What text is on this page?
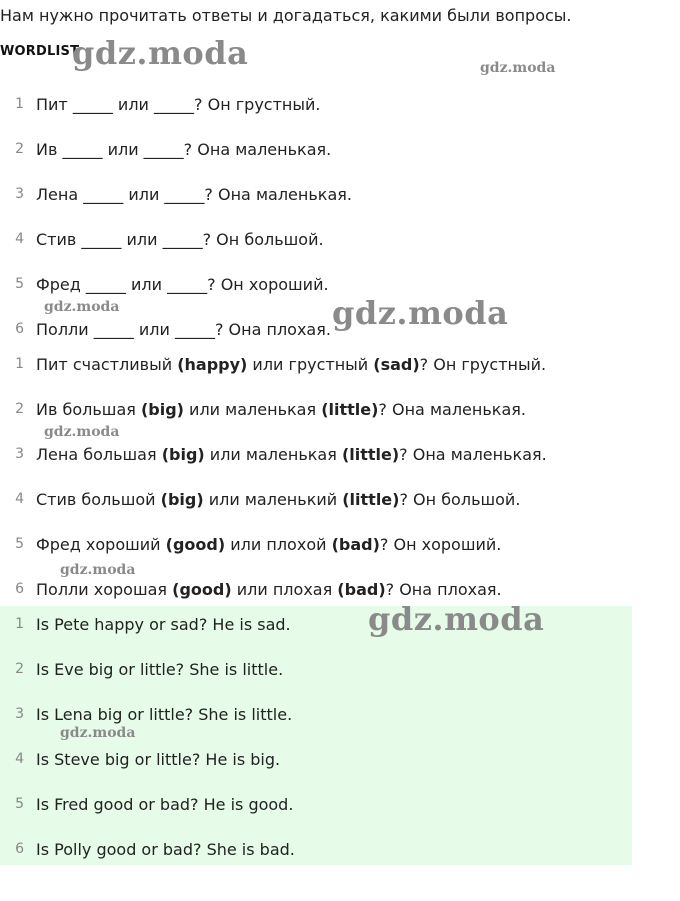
Нам нужно прочитать ответы и догадаться, какими были вопросы.
WORDLIST
gdz.moda	gdz.moda
gdz.moda	gdz.moda
gdz.moda
gdz.moda
1 Пит _____ или _____? Он грустный.
2 Ив _____ или _____? Она маленькая.
3 Лена _____ или _____? Она маленькая.
4 Стив _____ или _____? Он большой.
5 Фред _____ или _____? Он хороший.
6 Полли _____ или _____? Она плохая.
1 Пит счастливый (happy) или грустный (sad)? Он грустный.
2 Ив большая (big) или маленькая (little)? Она маленькая.
3 Лена большая (big) или маленькая (little)? Она маленькая.
4 Стив большой (big) или маленький (little)? Он большой.
5 Фред хороший (good) или плохой (bad)? Он хороший.
6 Полли хорошая (good) или плохая (bad)? Она плохая.
1 Is Pete happy or sad? He is sad.
2 Is Eve big or little? She is little.
3 Is Lena big or little? She is little.
4 Is Steve big or little? He is big.
5 Is Fred good or bad? He is good.
6 Is Polly good or bad? She is bad.
gdz.moda
gdz.moda
